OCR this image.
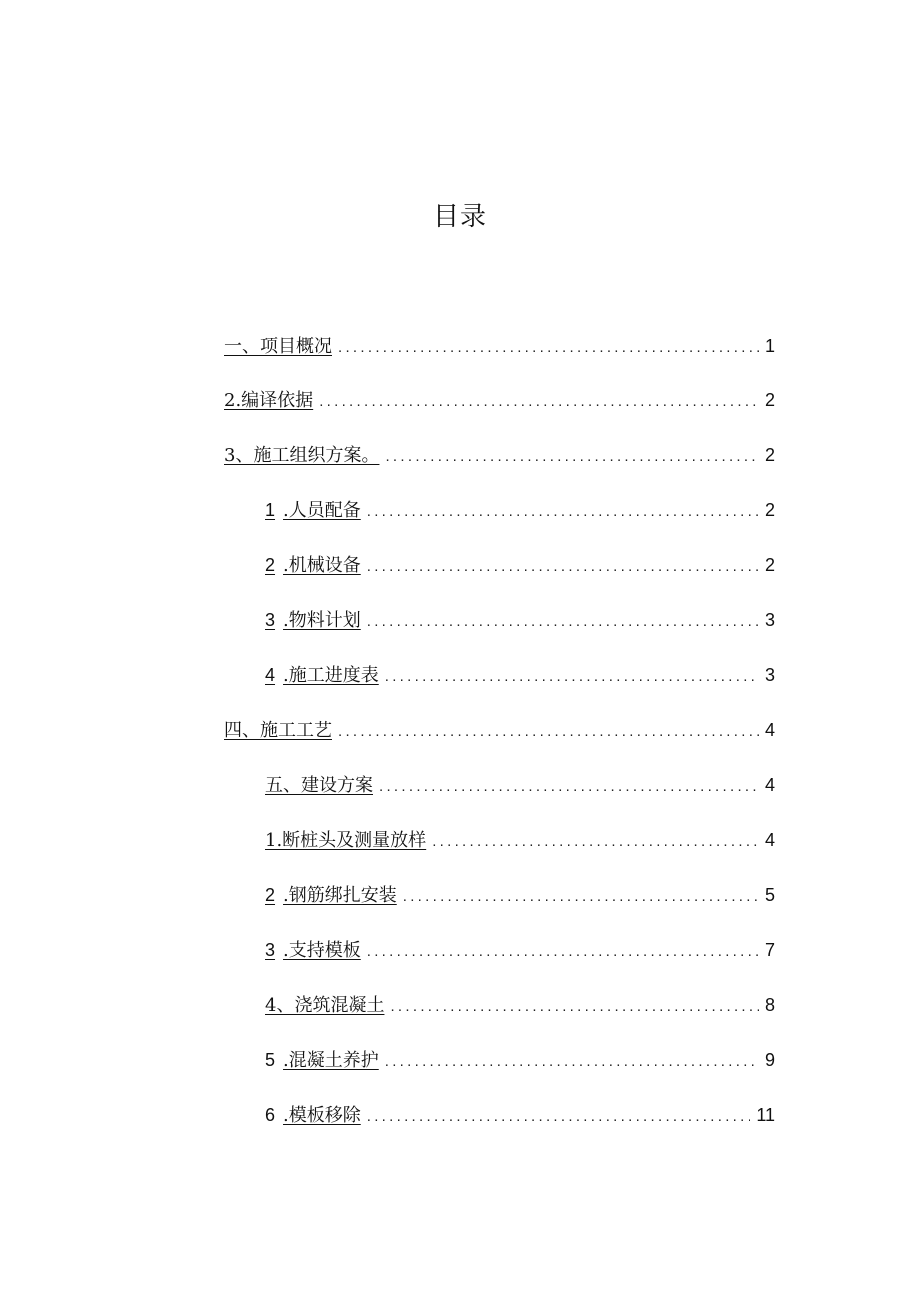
目录
一、项目概况 .....	1
2.编译依据 .....	2
3、施工组织方案。 .....	2
1 .人员配备 .....	2
2 .机械设备 .....	2
3 .物料计划 .....	3
4 .施工进度表 .....	3
四、施工工艺 .....	4
五、建设方案 .....	4
1.断桩头及测量放样 .....	4
2 .钢筋绑扎安装 .....	5
3 .支持模板 .....	7
4、浇筑混凝土 .....	8
5 .混凝土养护 .....	9
6 .模板移除 .....	11
